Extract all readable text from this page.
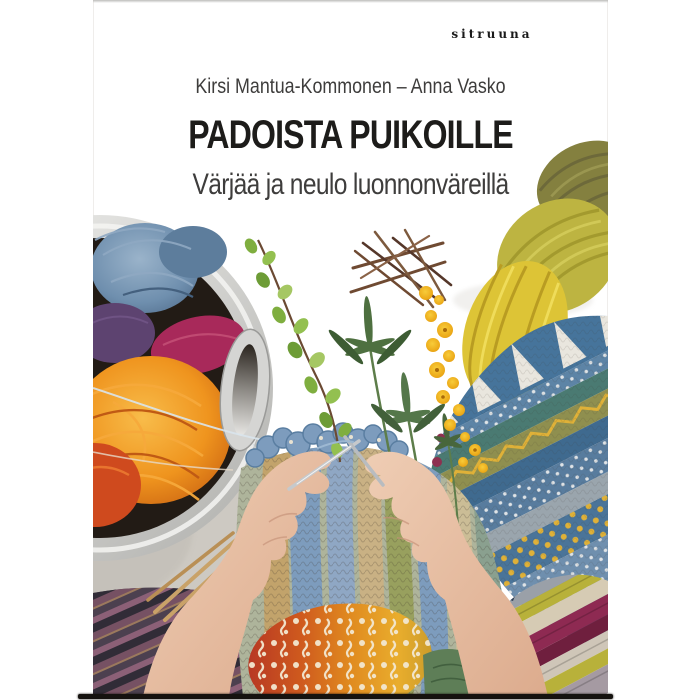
sitruuna
Kirsi Mantua-Kommonen – Anna Vasko
PADOISTA PUIKOILLE
Värjää ja neulo luonnonväreillä
